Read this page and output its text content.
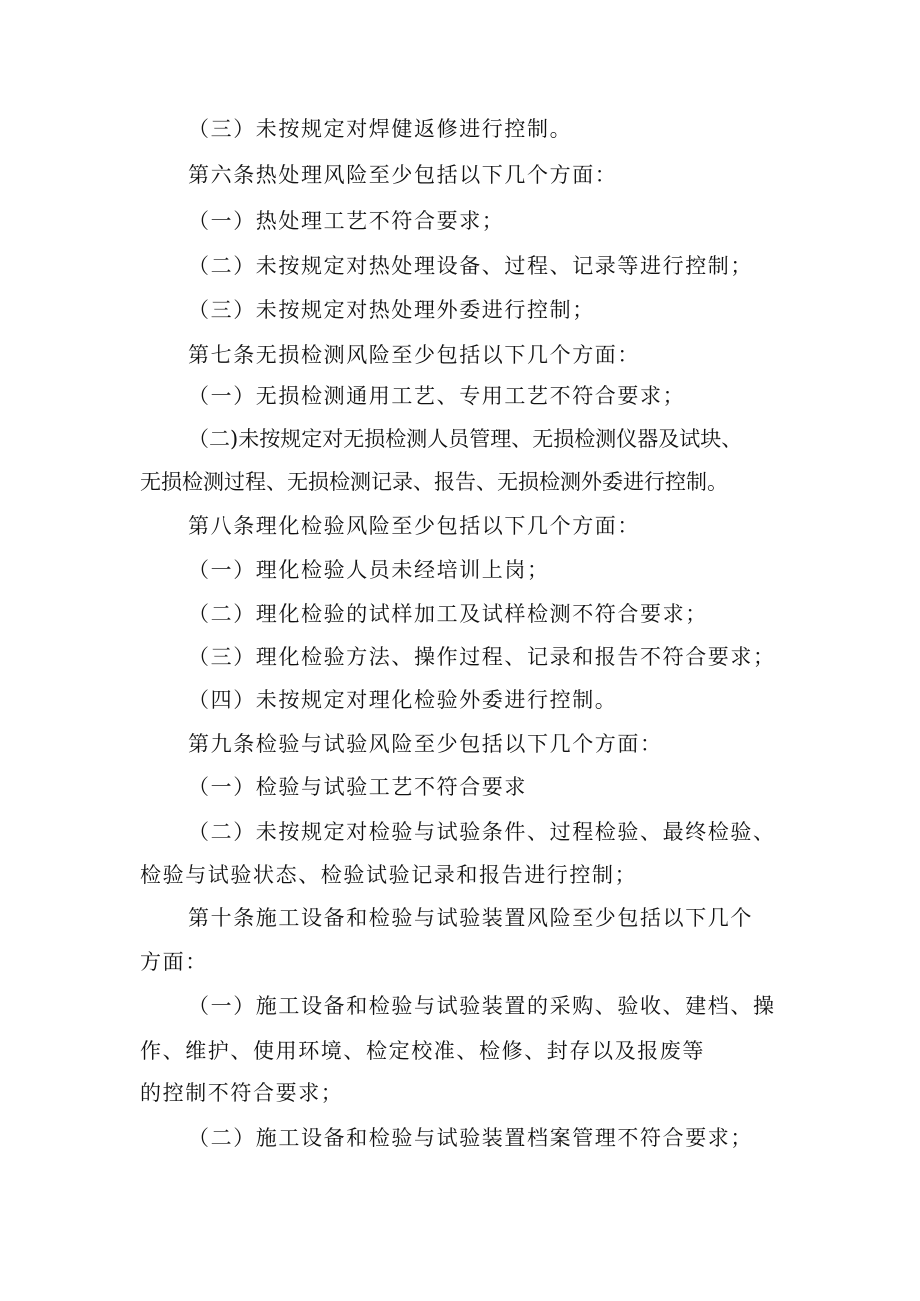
（三）未按规定对焊健返修进行控制。
第六条热处理风险至少包括以下几个方面：
（一）热处理工艺不符合要求；
（二）未按规定对热处理设备、过程、记录等进行控制；
（三）未按规定对热处理外委进行控制；
第七条无损检测风险至少包括以下几个方面：
（一）无损检测通用工艺、专用工艺不符合要求；
（二)未按规定对无损检测人员管理、无损检测仪器及试块、
无损检测过程、无损检测记录、报告、无损检测外委进行控制。
第八条理化检验风险至少包括以下几个方面：
（一）理化检验人员未经培训上岗；
（二）理化检验的试样加工及试样检测不符合要求；
（三）理化检验方法、操作过程、记录和报告不符合要求；
（四）未按规定对理化检验外委进行控制。
第九条检验与试验风险至少包括以下几个方面：
（一）检验与试验工艺不符合要求
（二）未按规定对检验与试验条件、过程检验、最终检验、
检验与试验状态、检验试验记录和报告进行控制；
第十条施工设备和检验与试验装置风险至少包括以下几个
方面：
（一）施工设备和检验与试验装置的采购、验收、建档、操
作、维护、使用环境、检定校准、检修、封存以及报废等
的控制不符合要求；
（二）施工设备和检验与试验装置档案管理不符合要求；
